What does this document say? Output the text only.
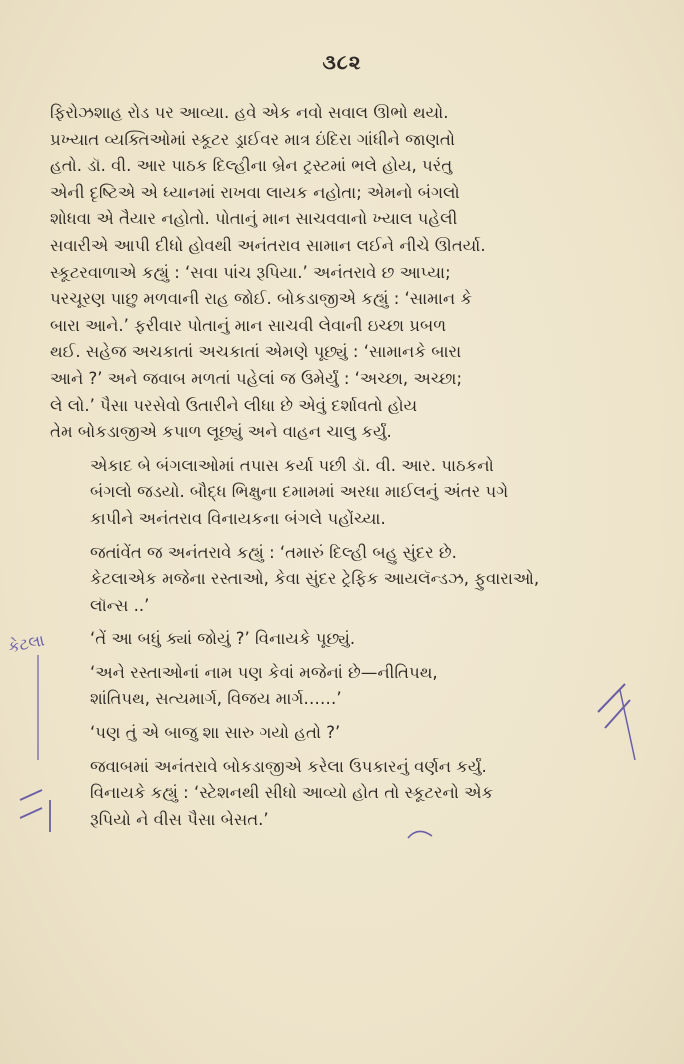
૩૮૨
કેટલા

ફિરોઝશાહ રોડ પર આવ્યા. હવે એક નવો સવાલ ઊભો થયો.
પ્રખ્યાત વ્યક્તિઓમાં સ્કૂટર ડ્રાઈવર માત્ર ઇંદિરા ગાંધીને જાણતો
હતો. ડૉ. વી. આર પાઠક દિલ્હીના બ્રેન ટ્રસ્ટમાં ભલે હોય, પરંતુ
એની દૃષ્ટિએ એ ધ્યાનમાં રાખવા લાયક નહોતા; એમનો બંગલો
શોધવા એ તૈયાર નહોતો. પોતાનું માન સાચવવાનો ખ્યાલ પહેલી
સવારીએ આપી દીધો હોવથી અનંતરાવ સામાન લઈને નીચે ઊતર્યા.
સ્કૂટરવાળાએ કહ્યું : ‘સવા પાંચ રૂપિયા.’ અનંતરાવે છ આપ્યા;
પરચૂરણ પાછુ મળવાની રાહ જોઈ. બોકડાજીએ કહ્યું : ‘સામાન કે
બારા આને.’ ફરીવાર પોતાનું માન સાચવી લેવાની ઇચ્છા પ્રબળ
થઈ. સહેજ અચકાતાં અચકાતાં એમણે પૂછ્યું : ‘સામાનકે બારા
આને ?’ અને જવાબ મળતાં પહેલાં જ ઉમેર્યું : ‘અચ્છા, અચ્છા;
લે લો.’ પૈસા પરસેવો ઉતારીને લીધા છે એવું દર્શાવતો હોય
તેમ બોકડાજીએ કપાળ લૂછ્યું અને વાહન ચાલુ કર્યું.

એકાદ બે બંગલાઓમાં તપાસ કર્યા પછી ડૉ. વી. આર. પાઠકનો
બંગલો જડયો. બૌદ્ધ ભિક્ષુના દમામમાં અરધા માઈલનું અંતર પગે
કાપીને અનંતરાવ વિનાયકના બંગલે પહોંચ્યા.

જતાંવેંત જ અનંતરાવે કહ્યું : ‘તમારું દિલ્હી બહુ સુંદર છે.
કેટલાએક મજેના રસ્તાઓ, કેવા સુંદર ટ્રેફિક આયલૅન્ડઝ, ફુવારાઓ,
લૉન્સ ..’

‘તેં આ બધું ક્યાં જોયું ?’ વિનાયકે પૂછ્યું.

‘અને રસ્તાઓનાં નામ પણ કેવાં મજેનાં છે—નીતિપથ,
શાંતિપથ, સત્યમાર્ગ, વિજય માર્ગ……’

‘પણ તું એ બાજુ શા સારુ ગયો હતો ?’

જવાબમાં અનંતરાવે બોકડાજીએ કરેલા ઉપકારનું વર્ણન કર્યું.
વિનાયકે કહ્યું : ‘સ્ટેશનથી સીધો આવ્યો હોત તો સ્કૂટરનો એક
રૂપિયો ને વીસ પૈસા બેસત.’
